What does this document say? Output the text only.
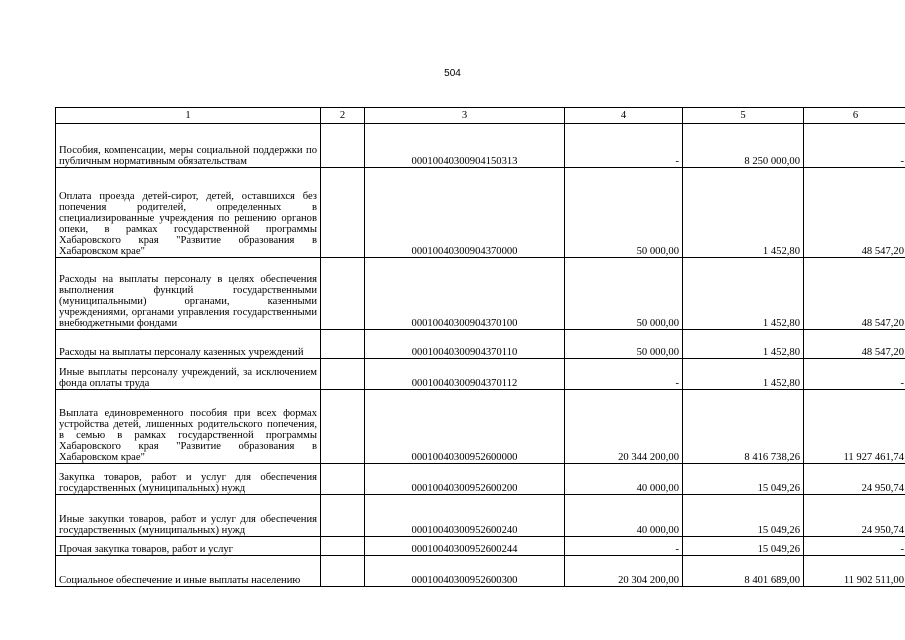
504
1	2	3	4	5	6
Пособия, компенсации, меры социальной поддержки по публичным нормативным обязательствам		00010040300904150313	-	8 250 000,00	-
Оплата проезда детей-сирот, детей, оставшихся без попечения родителей, определенных в специализированные учреждения по решению органов опеки, в рамках государственной программы Хабаровского края "Развитие образования в Хабаровском крае"		00010040300904370000	50 000,00	1 452,80	48 547,20
Расходы на выплаты персоналу в целях обеспечения выполнения функций государственными (муниципальными) органами, казенными учреждениями, органами управления государственными внебюджетными фондами		00010040300904370100	50 000,00	1 452,80	48 547,20
Расходы на выплаты персоналу казенных учреждений		00010040300904370110	50 000,00	1 452,80	48 547,20
Иные выплаты персоналу учреждений, за исключением фонда оплаты труда		00010040300904370112	-	1 452,80	-
Выплата единовременного пособия при всех формах устройства детей, лишенных родительского попечения, в семью в рамках государственной программы Хабаровского края "Развитие образования в Хабаровском крае"		00010040300952600000	20 344 200,00	8 416 738,26	11 927 461,74
Закупка товаров, работ и услуг для обеспечения государственных (муниципальных) нужд		00010040300952600200	40 000,00	15 049,26	24 950,74
Иные закупки товаров, работ и услуг для обеспечения государственных (муниципальных) нужд		00010040300952600240	40 000,00	15 049,26	24 950,74
Прочая закупка товаров, работ и услуг		00010040300952600244	-	15 049,26	-
Социальное обеспечение и иные выплаты населению		00010040300952600300	20 304 200,00	8 401 689,00	11 902 511,00
